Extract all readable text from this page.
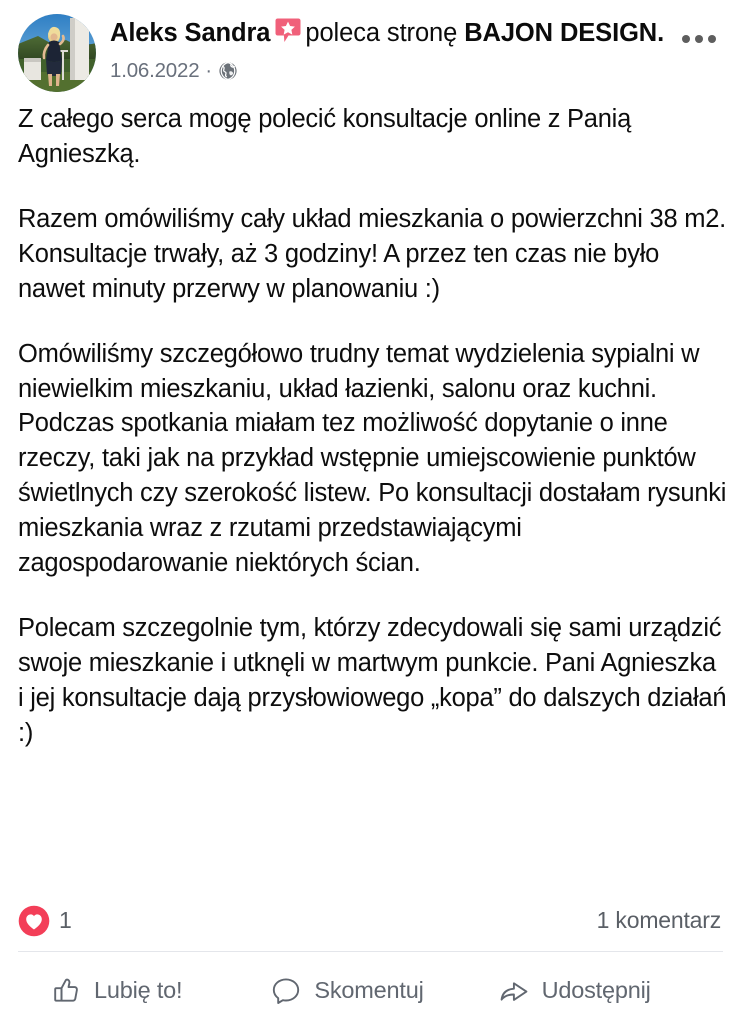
Aleks Sandra poleca stronę BAJON DESIGN.
1.06.2022 ·

Z całego serca mogę polecić konsultacje online z Panią Agnieszką.

Razem omówiliśmy cały układ mieszkania o powierzchni 38 m2. Konsultacje trwały, aż 3 godziny! A przez ten czas nie było nawet minuty przerwy w planowaniu :)

Omówiliśmy szczegółowo trudny temat wydzielenia sypialni w niewielkim mieszkaniu, układ łazienki, salonu oraz kuchni. Podczas spotkania miałam tez możliwość dopytanie o inne rzeczy, taki jak na przykład wstępnie umiejscowienie punktów świetlnych czy szerokość listew. Po konsultacji dostałam rysunki mieszkania wraz z rzutami przedstawiającymi zagospodarowanie niektórych ścian.

Polecam szczegolnie tym, którzy zdecydowali się sami urządzić swoje mieszkanie i utknęli w martwym punkcie. Pani Agnieszka i jej konsultacje dają przysłowiowego „kopa” do dalszych działań :)

1	1 komentarz
Lubię to!	Skomentuj	Udostępnij
